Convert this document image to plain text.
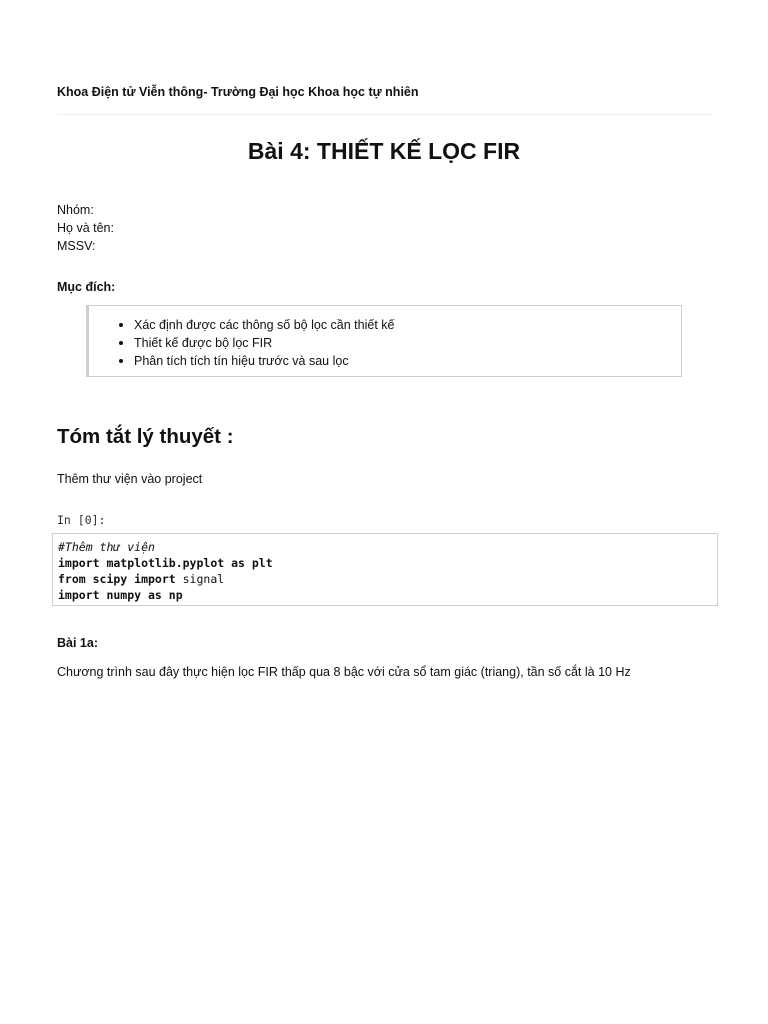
Khoa Điện tử Viễn thông- Trường Đại học Khoa học tự nhiên
Bài 4: THIẾT KẾ LỌC FIR
Nhóm:
Họ và tên:
MSSV:
Mục đích:
Xác định được các thông số bộ lọc cần thiết kế
Thiết kế được bộ lọc FIR
Phân tích tích tín hiệu trước và sau lọc
Tóm tắt lý thuyết :
Thêm thư viện vào project
In [0]:
#Thêm thư viện
import matplotlib.pyplot as plt
from scipy import signal
import numpy as np
Bài 1a:
Chương trình sau đây thực hiện lọc FIR thấp qua 8 bậc với cửa sổ tam giác (triang), tần số cắt là 10 Hz
